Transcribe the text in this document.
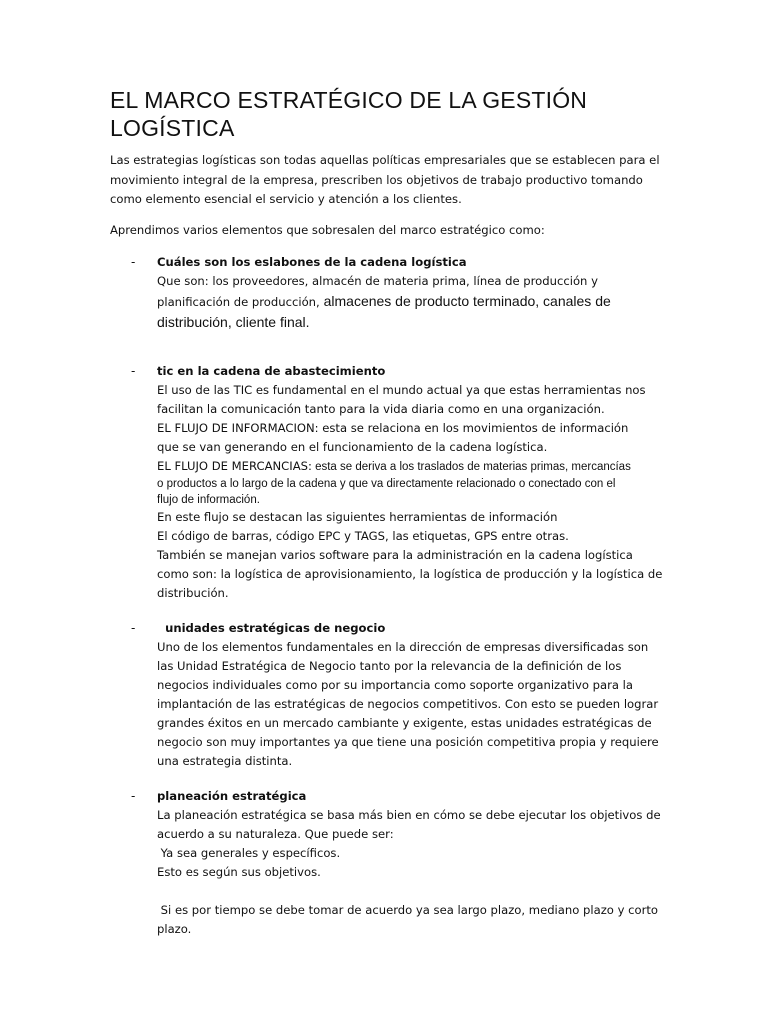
EL MARCO ESTRATÉGICO DE LA GESTIÓN
LOGÍSTICA
Las estrategias logísticas son todas aquellas políticas empresariales que se establecen para el
movimiento integral de la empresa, prescriben los objetivos de trabajo productivo tomando
como elemento esencial el servicio y atención a los clientes.
Aprendimos varios elementos que sobresalen del marco estratégico como:
- Cuáles son los eslabones de la cadena logística
Que son: los proveedores, almacén de materia prima, línea de producción y
planificación de producción, almacenes de producto terminado, canales de
distribución, cliente final.
- tic en la cadena de abastecimiento
El uso de las TIC es fundamental en el mundo actual ya que estas herramientas nos
facilitan la comunicación tanto para la vida diaria como en una organización.
EL FLUJO DE INFORMACION: esta se relaciona en los movimientos de información
que se van generando en el funcionamiento de la cadena logística.
EL FLUJO DE MERCANCIAS: esta se deriva a los traslados de materias primas, mercancías
o productos a lo largo de la cadena y que va directamente relacionado o conectado con el
flujo de información.
En este flujo se destacan las siguientes herramientas de información
El código de barras, código EPC y TAGS, las etiquetas, GPS entre otras.
También se manejan varios software para la administración en la cadena logística
como son: la logística de aprovisionamiento, la logística de producción y la logística de
distribución.
- unidades estratégicas de negocio
Uno de los elementos fundamentales en la dirección de empresas diversificadas son
las Unidad Estratégica de Negocio tanto por la relevancia de la definición de los
negocios individuales como por su importancia como soporte organizativo para la
implantación de las estratégicas de negocios competitivos. Con esto se pueden lograr
grandes éxitos en un mercado cambiante y exigente, estas unidades estratégicas de
negocio son muy importantes ya que tiene una posición competitiva propia y requiere
una estrategia distinta.
- planeación estratégica
La planeación estratégica se basa más bien en cómo se debe ejecutar los objetivos de
acuerdo a su naturaleza. Que puede ser:
Ya sea generales y específicos.
Esto es según sus objetivos.
Si es por tiempo se debe tomar de acuerdo ya sea largo plazo, mediano plazo y corto
plazo.
